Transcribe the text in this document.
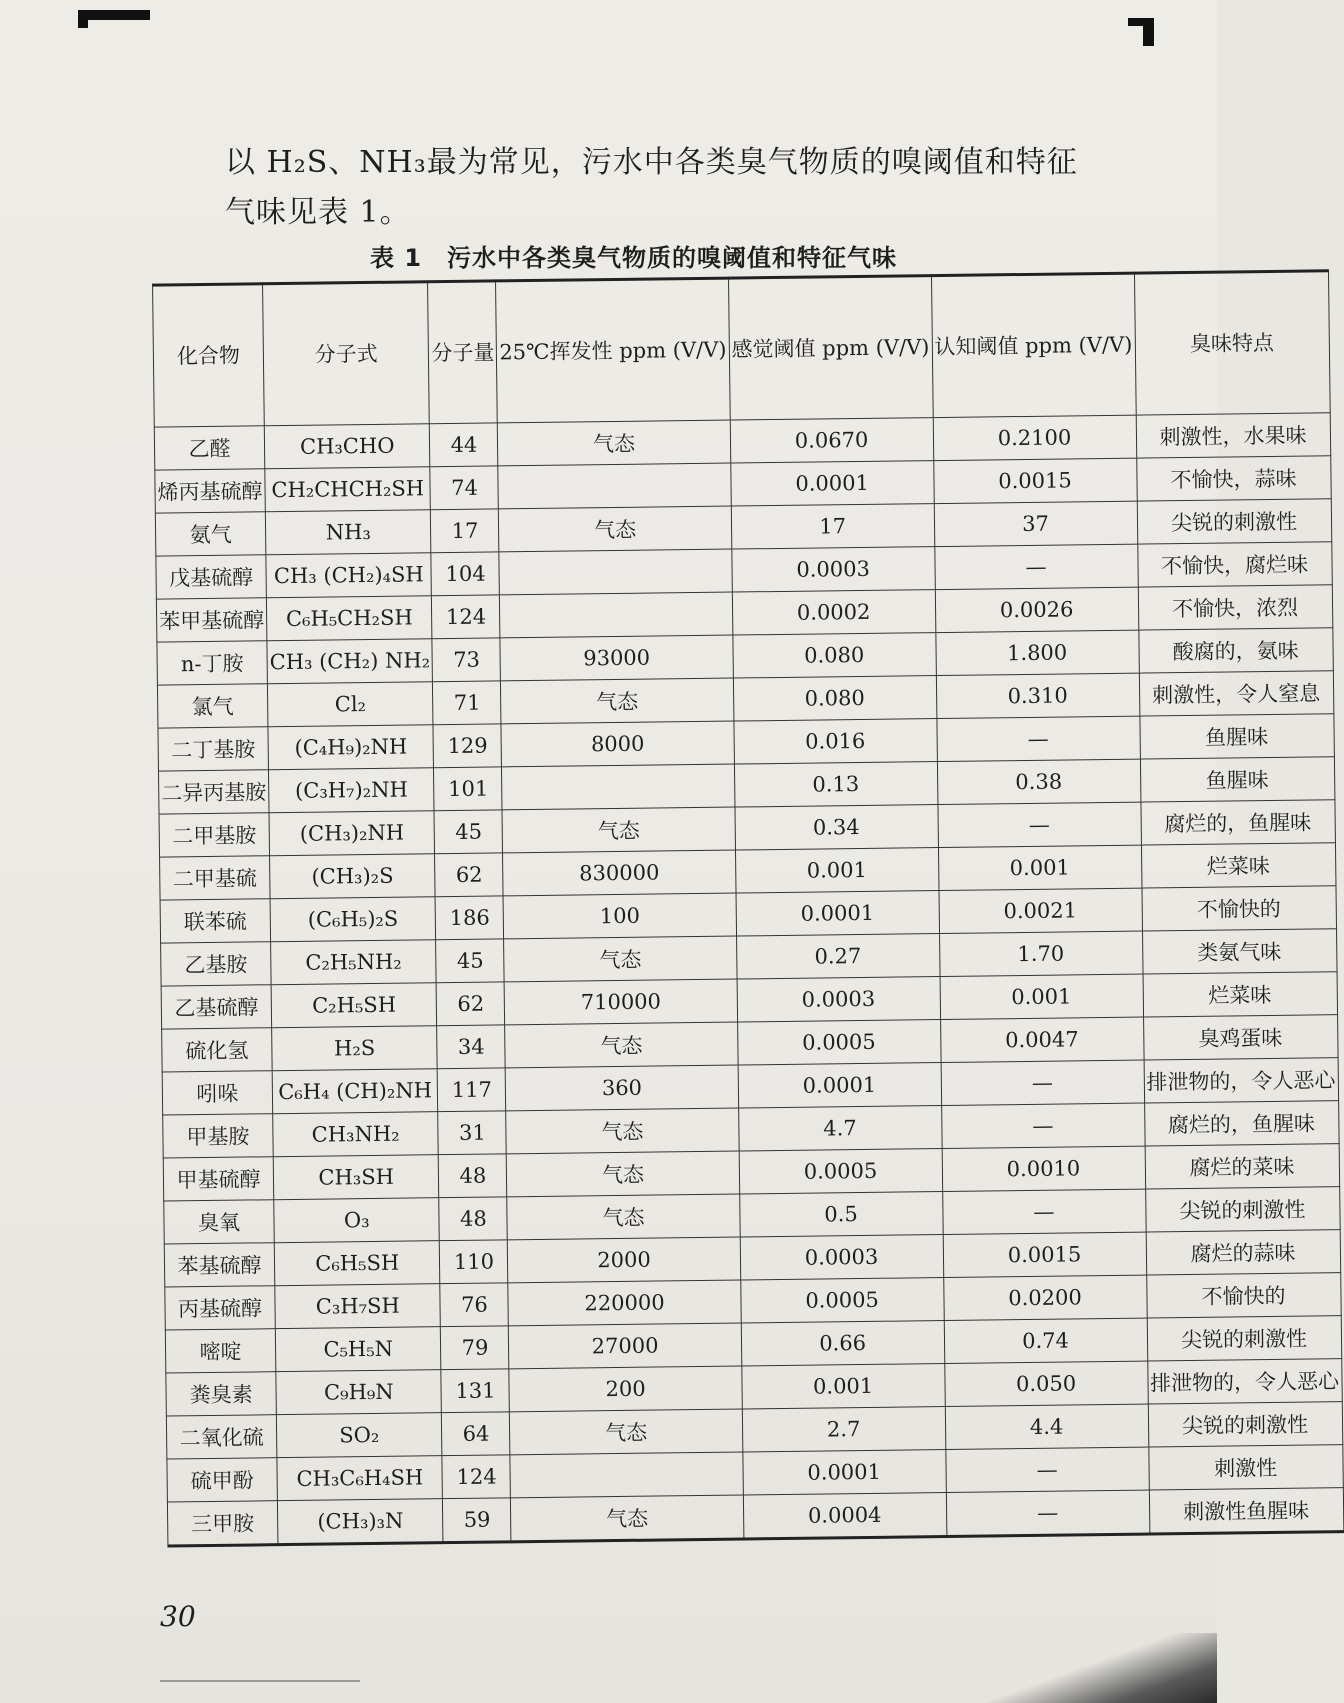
以 H₂S、NH₃最为常见，污水中各类臭气物质的嗅阈值和特征
气味见表 1。
表 1　污水中各类臭气物质的嗅阈值和特征气味
化合物	分子式	分子量	25℃挥发性 ppm (V/V)	感觉阈值 ppm (V/V)	认知阈值 ppm (V/V)	臭味特点
乙醛	CH₃CHO	44	气态	0.0670	0.2100	刺激性，水果味
烯丙基硫醇	CH₂CHCH₂SH	74		0.0001	0.0015	不愉快，蒜味
氨气	NH₃	17	气态	17	37	尖锐的刺激性
戊基硫醇	CH₃ (CH₂)₄SH	104		0.0003	—	不愉快，腐烂味
苯甲基硫醇	C₆H₅CH₂SH	124		0.0002	0.0026	不愉快，浓烈
n-丁胺	CH₃ (CH₂) NH₂	73	93000	0.080	1.800	酸腐的，氨味
氯气	Cl₂	71	气态	0.080	0.310	刺激性，令人窒息
二丁基胺	(C₄H₉)₂NH	129	8000	0.016	—	鱼腥味
二异丙基胺	(C₃H₇)₂NH	101		0.13	0.38	鱼腥味
二甲基胺	(CH₃)₂NH	45	气态	0.34	—	腐烂的，鱼腥味
二甲基硫	(CH₃)₂S	62	830000	0.001	0.001	烂菜味
联苯硫	(C₆H₅)₂S	186	100	0.0001	0.0021	不愉快的
乙基胺	C₂H₅NH₂	45	气态	0.27	1.70	类氨气味
乙基硫醇	C₂H₅SH	62	710000	0.0003	0.001	烂菜味
硫化氢	H₂S	34	气态	0.0005	0.0047	臭鸡蛋味
吲哚	C₆H₄ (CH)₂NH	117	360	0.0001	—	排泄物的，令人恶心
甲基胺	CH₃NH₂	31	气态	4.7	—	腐烂的，鱼腥味
甲基硫醇	CH₃SH	48	气态	0.0005	0.0010	腐烂的菜味
臭氧	O₃	48	气态	0.5	—	尖锐的刺激性
苯基硫醇	C₆H₅SH	110	2000	0.0003	0.0015	腐烂的蒜味
丙基硫醇	C₃H₇SH	76	220000	0.0005	0.0200	不愉快的
嘧啶	C₅H₅N	79	27000	0.66	0.74	尖锐的刺激性
粪臭素	C₉H₉N	131	200	0.001	0.050	排泄物的，令人恶心
二氧化硫	SO₂	64	气态	2.7	4.4	尖锐的刺激性
硫甲酚	CH₃C₆H₄SH	124		0.0001	—	刺激性
三甲胺	(CH₃)₃N	59	气态	0.0004	—	刺激性鱼腥味
30
